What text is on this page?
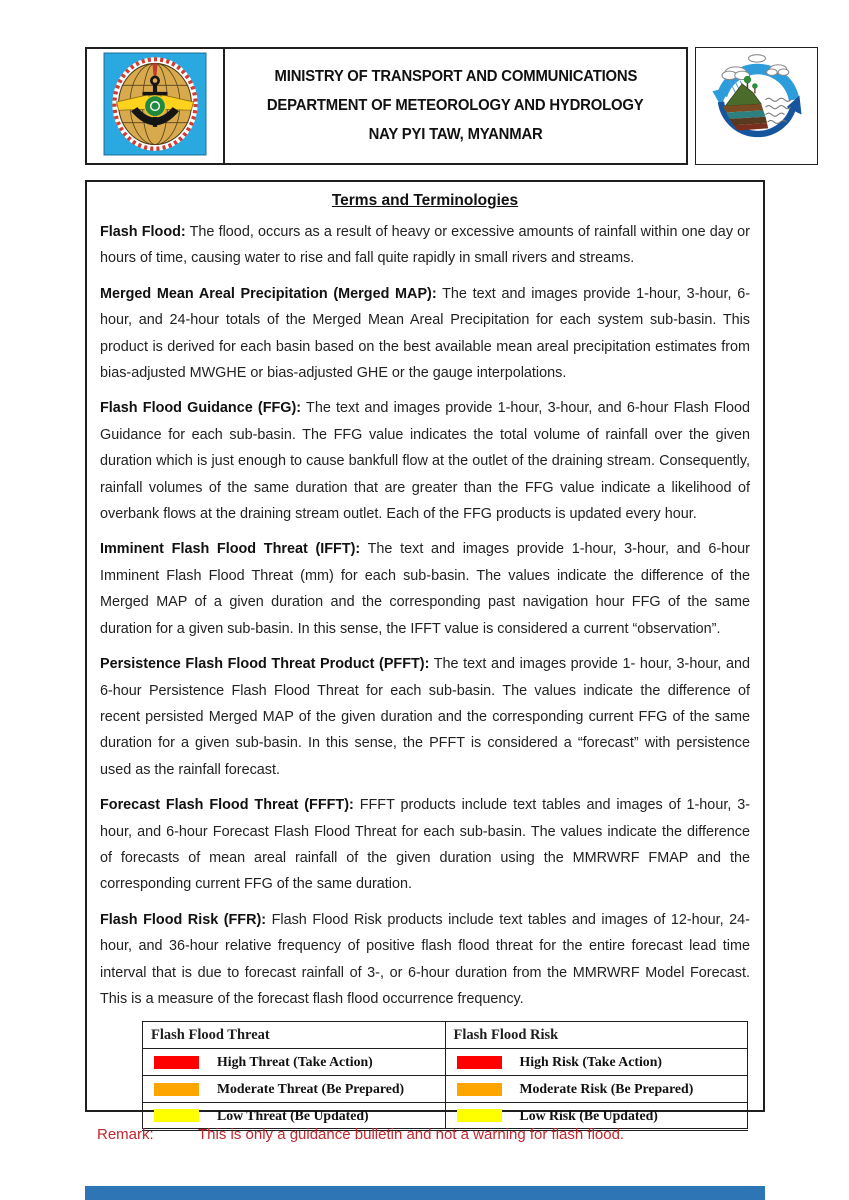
MINISTRY OF TRANSPORT AND COMMUNICATIONS
DEPARTMENT OF METEOROLOGY AND HYDROLOGY
NAY PYI TAW, MYANMAR
Terms and Terminologies

Flash Flood: The flood, occurs as a result of heavy or excessive amounts of rainfall within one day or hours of time, causing water to rise and fall quite rapidly in small rivers and streams.

Merged Mean Areal Precipitation (Merged MAP): The text and images provide 1-hour, 3-hour, 6-hour, and 24-hour totals of the Merged Mean Areal Precipitation for each system sub-basin. This product is derived for each basin based on the best available mean areal precipitation estimates from bias-adjusted MWGHE or bias-adjusted GHE or the gauge interpolations.

Flash Flood Guidance (FFG): The text and images provide 1-hour, 3-hour, and 6-hour Flash Flood Guidance for each sub-basin. The FFG value indicates the total volume of rainfall over the given duration which is just enough to cause bankfull flow at the outlet of the draining stream. Consequently, rainfall volumes of the same duration that are greater than the FFG value indicate a likelihood of overbank flows at the draining stream outlet. Each of the FFG products is updated every hour.

Imminent Flash Flood Threat (IFFT): The text and images provide 1-hour, 3-hour, and 6-hour Imminent Flash Flood Threat (mm) for each sub-basin. The values indicate the difference of the Merged MAP of a given duration and the corresponding past navigation hour FFG of the same duration for a given sub-basin. In this sense, the IFFT value is considered a current “observation”.

Persistence Flash Flood Threat Product (PFFT): The text and images provide 1- hour, 3-hour, and 6-hour Persistence Flash Flood Threat for each sub-basin. The values indicate the difference of recent persisted Merged MAP of the given duration and the corresponding current FFG of the same duration for a given sub-basin. In this sense, the PFFT is considered a “forecast” with persistence used as the rainfall forecast.

Forecast Flash Flood Threat (FFFT): FFFT products include text tables and images of 1-hour, 3-hour, and 6-hour Forecast Flash Flood Threat for each sub-basin. The values indicate the difference of forecasts of mean areal rainfall of the given duration using the MMRWRF FMAP and the corresponding current FFG of the same duration.

Flash Flood Risk (FFR): Flash Flood Risk products include text tables and images of 12-hour, 24-hour, and 36-hour relative frequency of positive flash flood threat for the entire forecast lead time interval that is due to forecast rainfall of 3-, or 6-hour duration from the MMRWRF Model Forecast. This is a measure of the forecast flash flood occurrence frequency.

Flash Flood Threat	Flash Flood Risk

High Threat (Take Action)	High Risk (Take Action)

Moderate Threat (Be Prepared)	Moderate Risk (Be Prepared)

Low Threat (Be Updated)	Low Risk (Be Updated)
Remark:	This is only a guidance bulletin and not a warning for flash flood.
